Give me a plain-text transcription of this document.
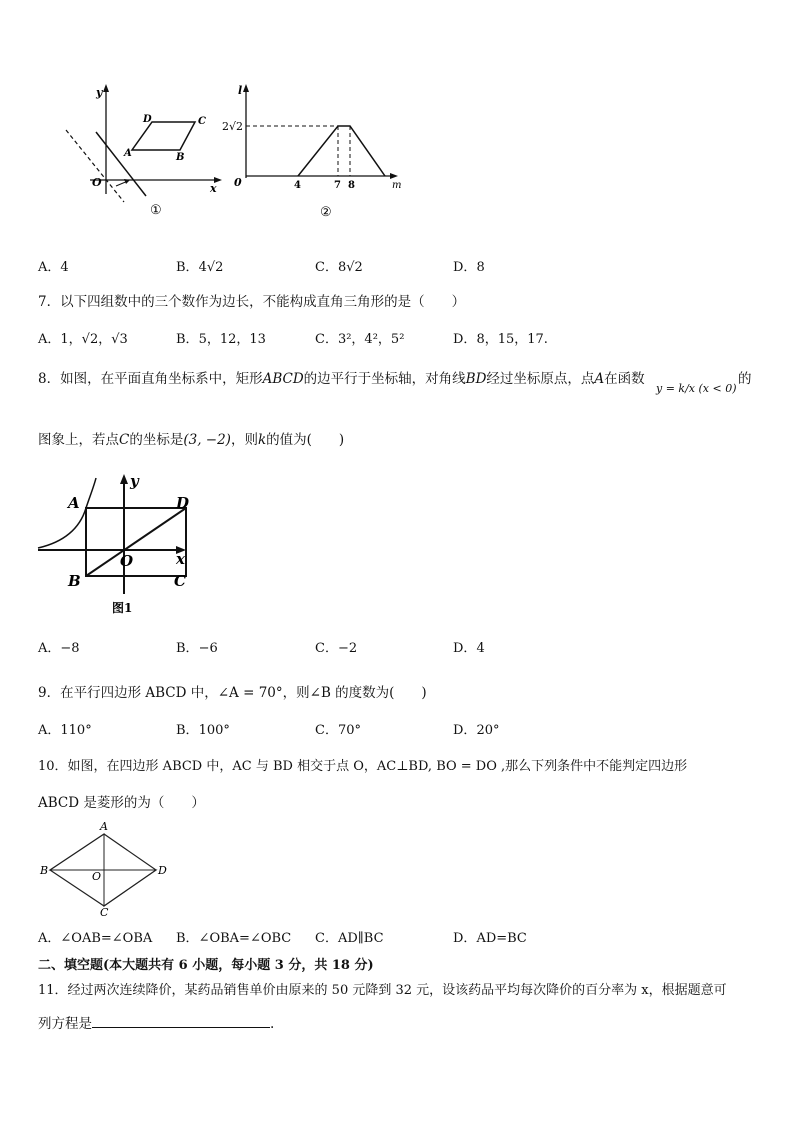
y
x
O
D	C
A	B
①
l
m
0
2√2
4	7 8
②
A．4	B．4√2	C．8√2	D．8
7．以下四组数中的三个数作为边长，不能构成直角三角形的是（　　）
A．1，√2，√3	B．5，12，13	C．3²，4²，5²	D．8，15，17.
8．如图，在平面直角坐标系中，矩形ABCD的边平行于坐标轴，对角线BD经过坐标原点，点A在函数
y = k/x (x < 0)
的
图象上，若点C的坐标是(3, −2)，则k的值为(　　)
A	D
B	C
O	x
y
图1
A．−8	B．−6	C．−2	D．4
9．在平行四边形 ABCD 中，∠A = 70°，则∠B 的度数为(　　)
A．110°	B．100°	C．70°	D．20°
10．如图，在四边形 ABCD 中，AC 与 BD 相交于点 O，AC⊥BD, BO = DO ,那么下列条件中不能判定四边形
ABCD 是菱形的为（　　）
A
B
C
D
O
A．∠OAB=∠OBA B．∠OBA=∠OBC C．AD∥BC	D．AD=BC
二、填空题(本大题共有 6 小题，每小题 3 分，共 18 分)
11．经过两次连续降价，某药品销售单价由原来的 50 元降到 32 元，设该药品平均每次降价的百分率为 x，根据题意可
列方程是	.
